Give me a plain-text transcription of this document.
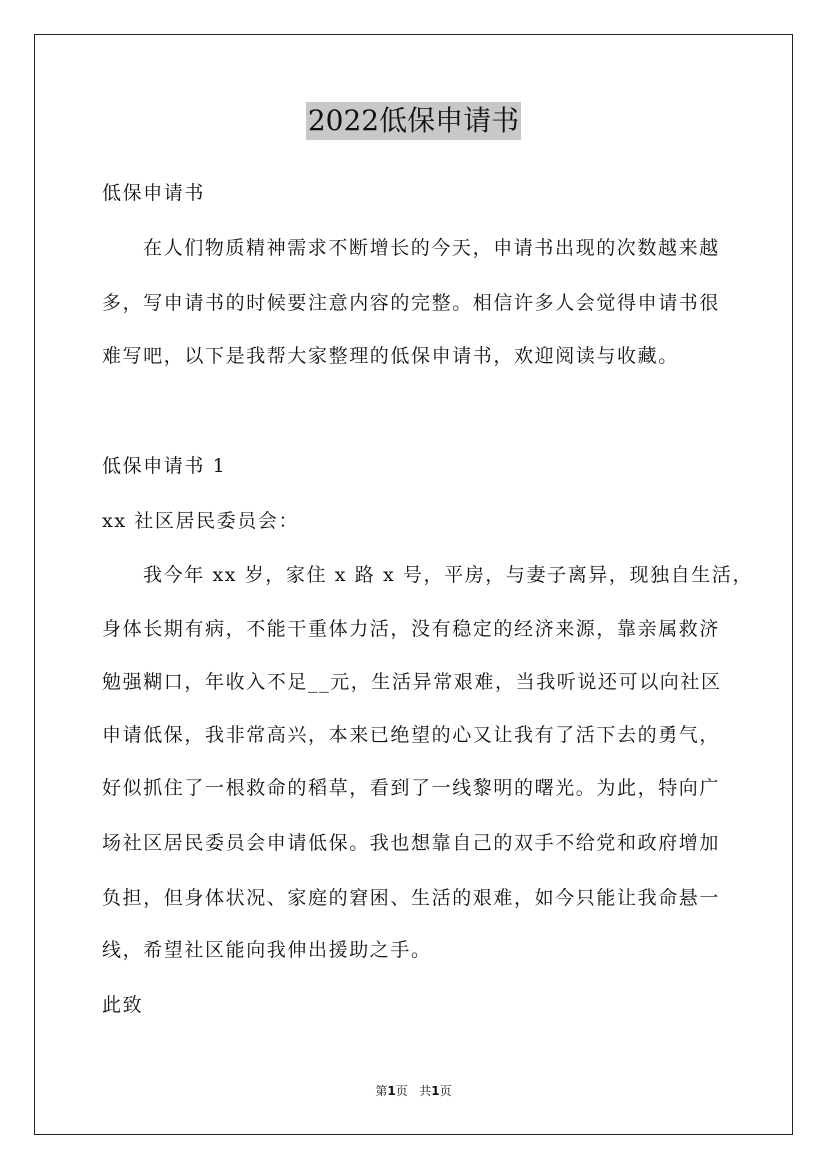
2022低保申请书
低保申请书
在人们物质精神需求不断增长的今天，申请书出现的次数越来越
多，写申请书的时候要注意内容的完整。相信许多人会觉得申请书很
难写吧，以下是我帮大家整理的低保申请书，欢迎阅读与收藏。
低保申请书 1
xx 社区居民委员会：
我今年 xx 岁，家住 x 路 x 号，平房，与妻子离异，现独自生活，
身体长期有病，不能干重体力活，没有稳定的经济来源，靠亲属救济
勉强糊口，年收入不足__元，生活异常艰难，当我听说还可以向社区
申请低保，我非常高兴，本来已绝望的心又让我有了活下去的勇气，
好似抓住了一根救命的稻草，看到了一线黎明的曙光。为此，特向广
场社区居民委员会申请低保。我也想靠自己的双手不给党和政府增加
负担，但身体状况、家庭的窘困、生活的艰难，如今只能让我命悬一
线，希望社区能向我伸出援助之手。
此致
第1页 共1页
